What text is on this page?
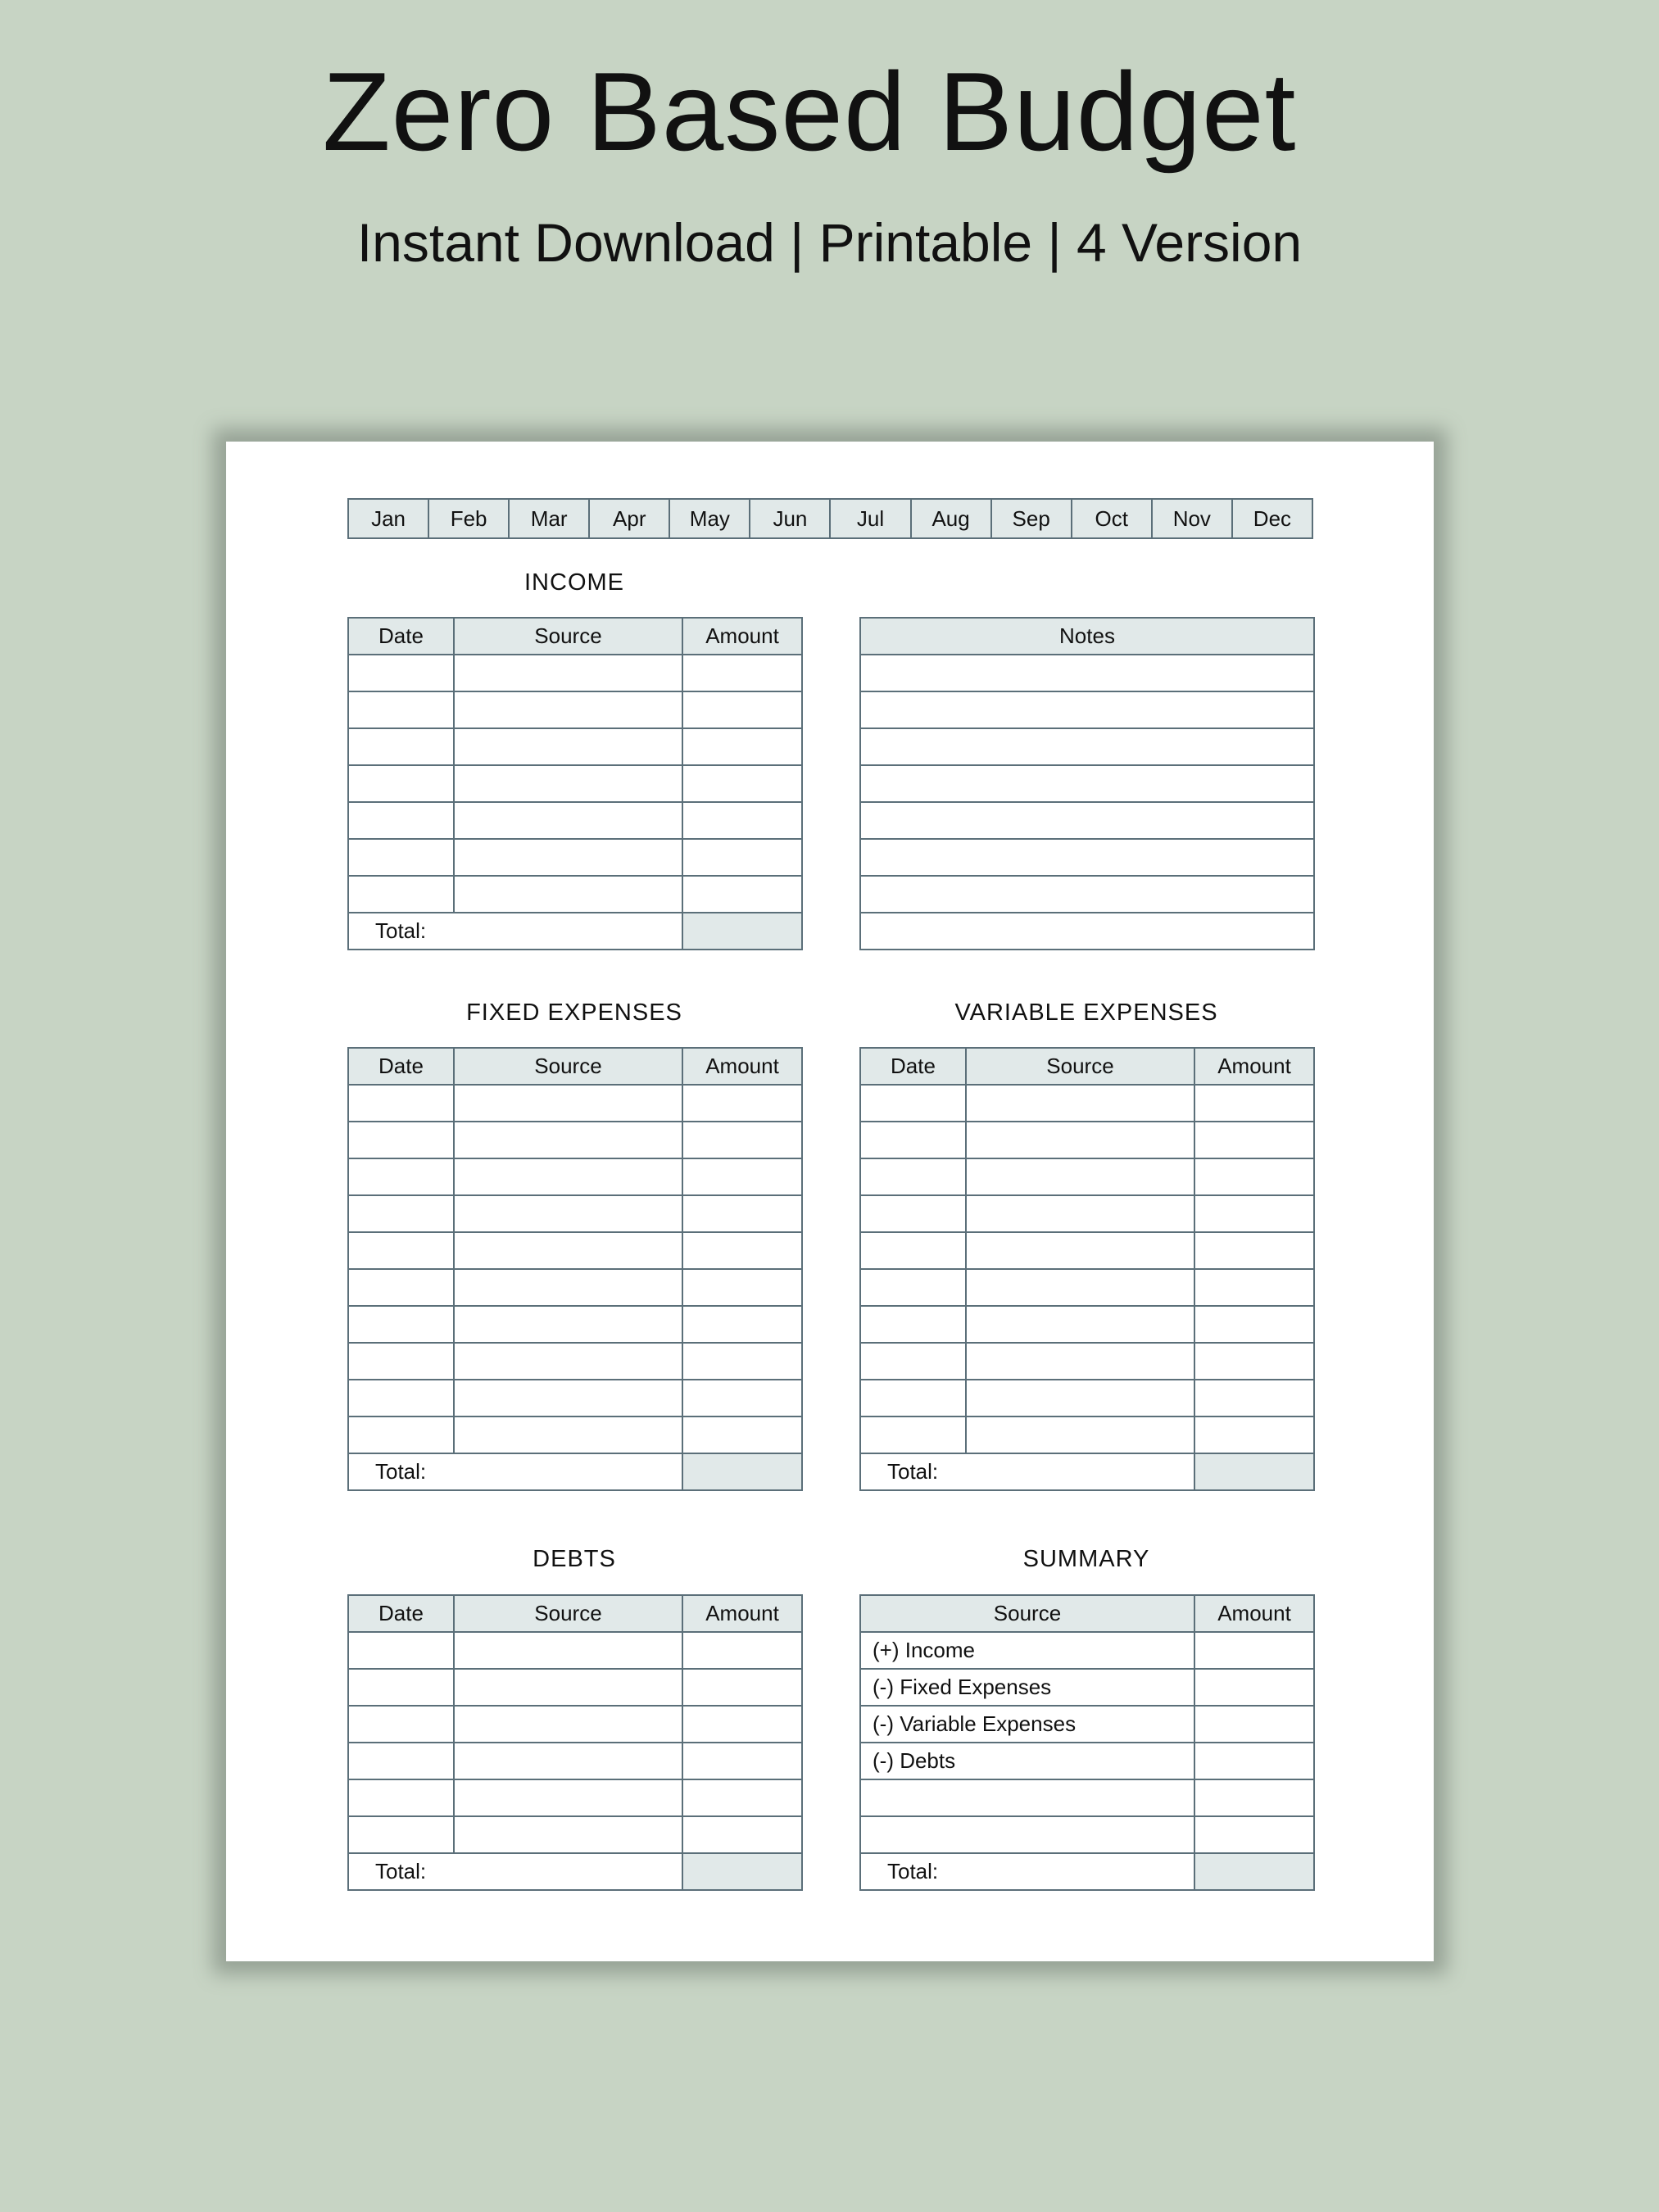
Zero Based Budget
Instant Download | Printable | 4 Version
Jan	Feb	Mar	Apr	May	Jun	Jul	Aug	Sep	Oct	Nov	Dec
INCOME
FIXED EXPENSES	VARIABLE EXPENSES
DEBTS	SUMMARY
Date	Source	Amount

Total:		
Notes

Date	Source	Amount

Total:		
Date	Source	Amount

Total:		
Date	Source	Amount

Total:		
Source	Amount
(+) Income	
(-) Fixed Expenses	
(-) Variable Expenses	
(-) Debts	

Total:	
